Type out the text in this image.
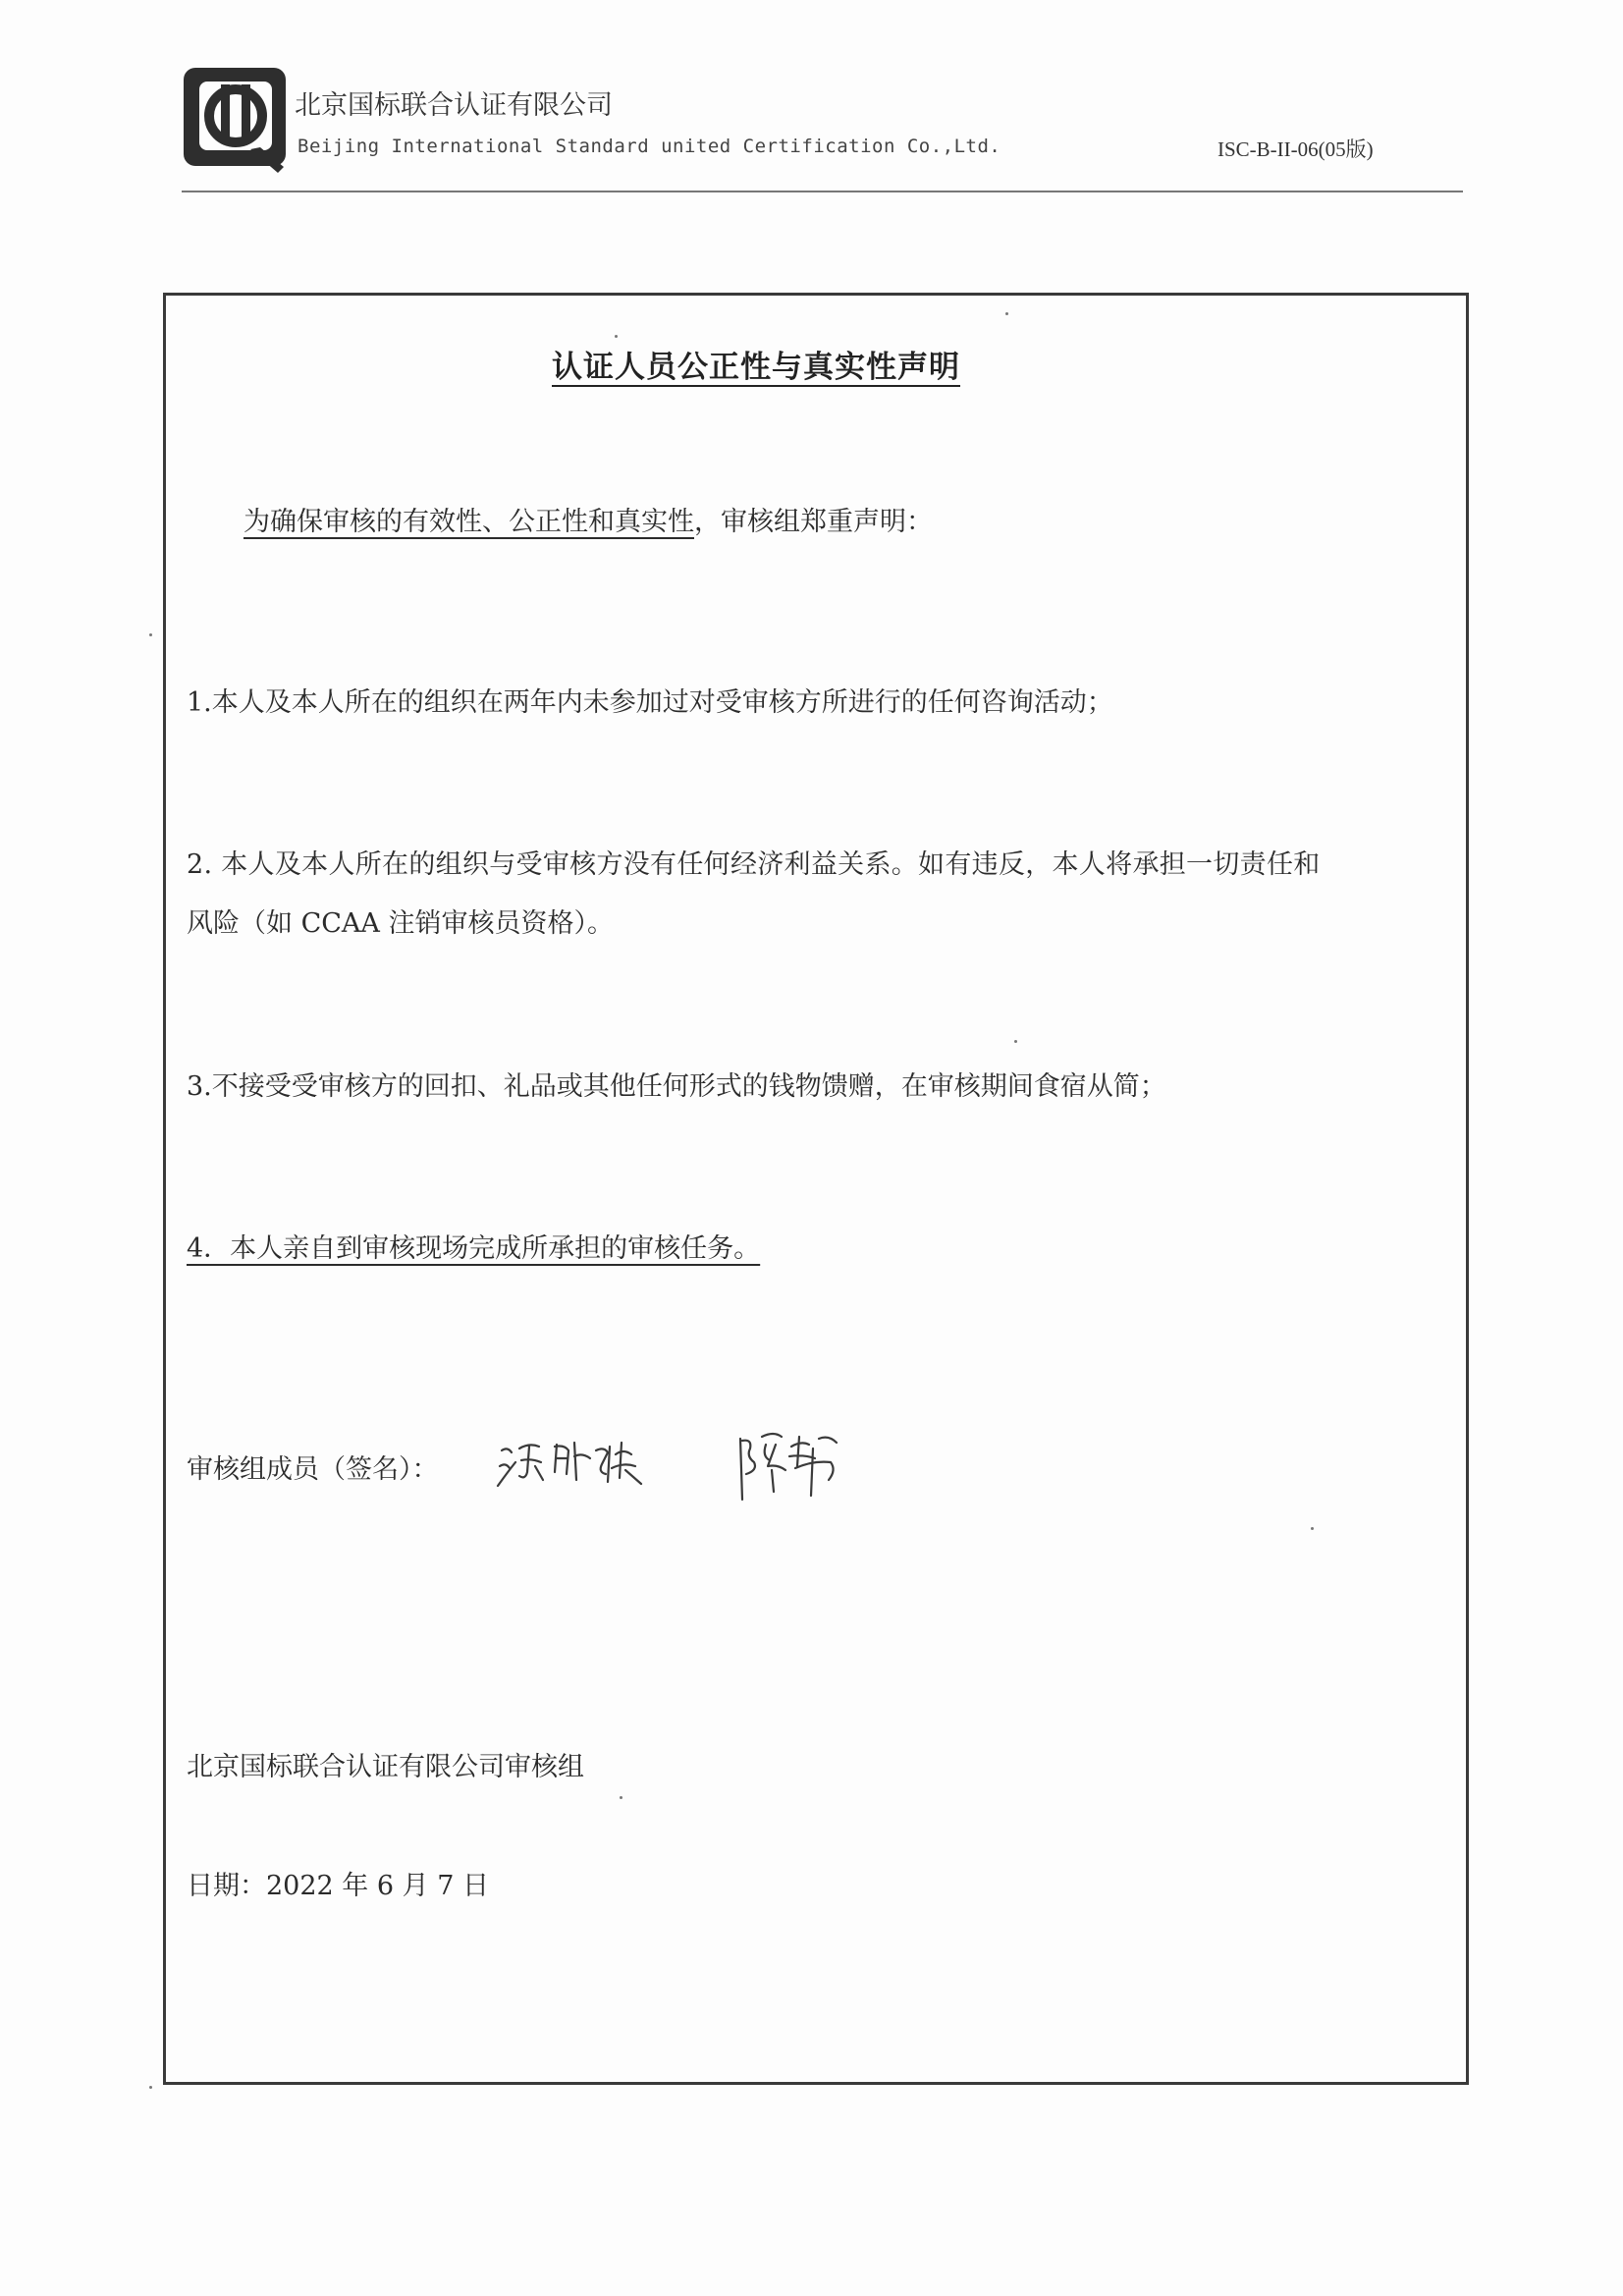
北京国标联合认证有限公司
Beijing International Standard united Certification Co.,Ltd.	ISC-B-II-06(05版)
认证人员公正性与真实性声明
为确保审核的有效性、公正性和真实性，审核组郑重声明：
1.本人及本人所在的组织在两年内未参加过对受审核方所进行的任何咨询活动；
2. 本人及本人所在的组织与受审核方没有任何经济利益关系。如有违反，本人将承担一切责任和
风险（如 CCAA 注销审核员资格）。
3.不接受受审核方的回扣、礼品或其他任何形式的钱物馈赠，在审核期间食宿从简；
4．本人亲自到审核现场完成所承担的审核任务。
审核组成员（签名）：
北京国标联合认证有限公司审核组
日期：2022 年 6 月 7 日
